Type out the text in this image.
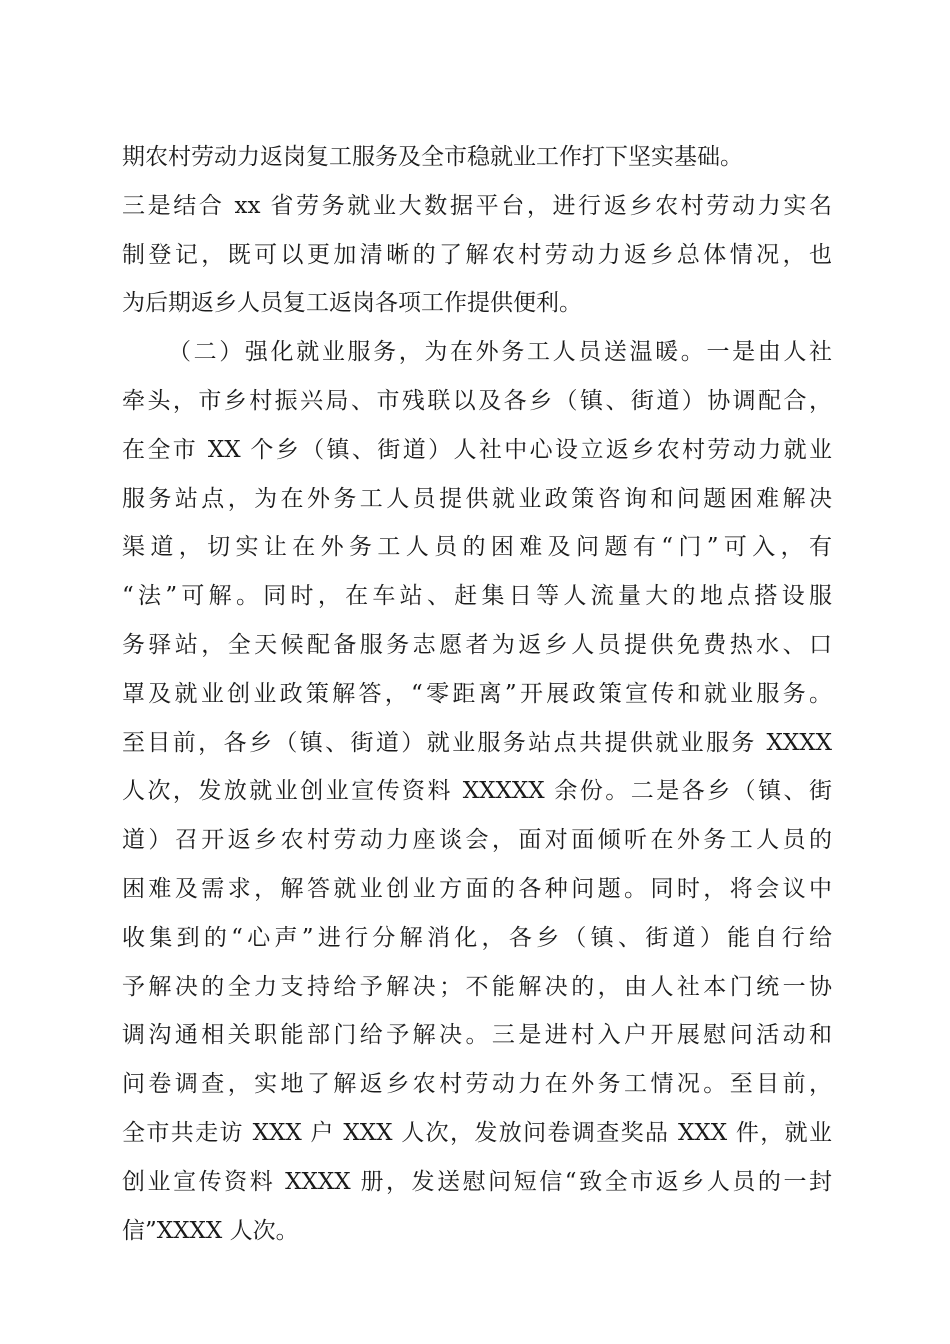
期农村劳动力返岗复工服务及全市稳就业工作打下坚实基础。
三是结合 xx 省劳务就业大数据平台，进行返乡农村劳动力实名
制登记，既可以更加清晰的了解农村劳动力返乡总体情况，也
为后期返乡人员复工返岗各项工作提供便利。
（二）强化就业服务，为在外务工人员送温暖。一是由人社
牵头，市乡村振兴局、市残联以及各乡（镇、街道）协调配合，
在全市 XX 个乡（镇、街道）人社中心设立返乡农村劳动力就业
服务站点，为在外务工人员提供就业政策咨询和问题困难解决
渠道，切实让在外务工人员的困难及问题有“门”可入，有
“法”可解。同时，在车站、赶集日等人流量大的地点搭设服
务驿站，全天候配备服务志愿者为返乡人员提供免费热水、口
罩及就业创业政策解答，“零距离”开展政策宣传和就业服务。
至目前，各乡（镇、街道）就业服务站点共提供就业服务 XXXX
人次，发放就业创业宣传资料 XXXXX 余份。二是各乡（镇、街
道）召开返乡农村劳动力座谈会，面对面倾听在外务工人员的
困难及需求，解答就业创业方面的各种问题。同时，将会议中
收集到的“心声”进行分解消化，各乡（镇、街道）能自行给
予解决的全力支持给予解决；不能解决的，由人社本门统一协
调沟通相关职能部门给予解决。三是进村入户开展慰问活动和
问卷调查，实地了解返乡农村劳动力在外务工情况。至目前，
全市共走访 XXX 户 XXX 人次，发放问卷调查奖品 XXX 件，就业
创业宣传资料 XXXX 册，发送慰问短信“致全市返乡人员的一封
信”XXXX 人次。
